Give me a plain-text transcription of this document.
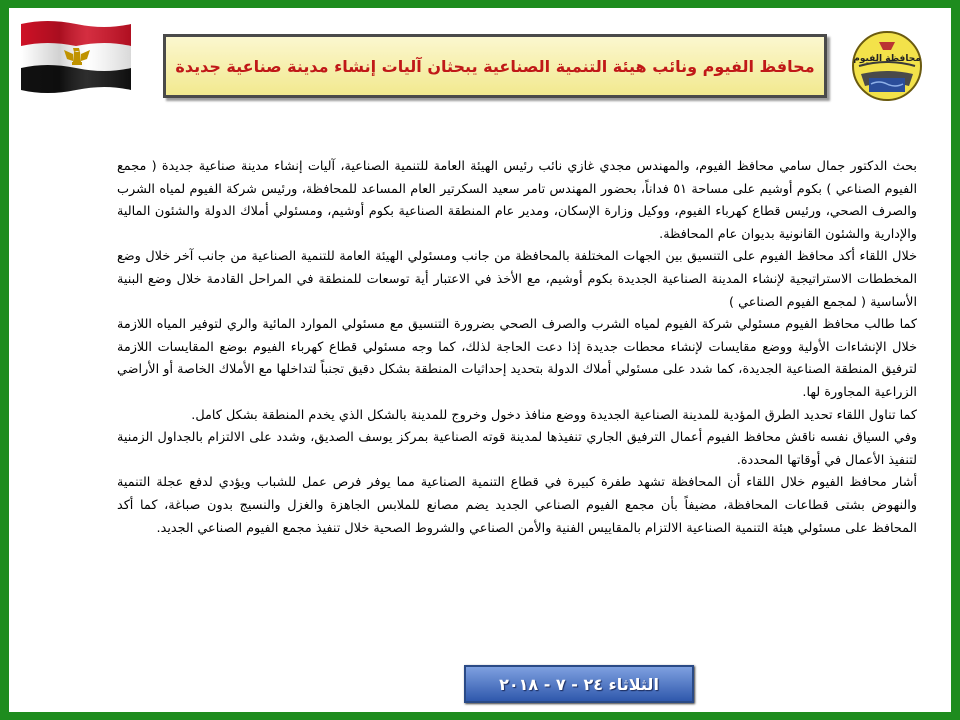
محافظ الفيوم ونائب هيئة التنمية الصناعية يبحثان آليات إنشاء مدينة صناعية جديدة	محافظة الفيوم

بحث الدكتور جمال سامي محافظ الفيوم، والمهندس مجدي غازي نائب رئيس الهيئة العامة للتنمية الصناعية، آليات إنشاء مدينة صناعية جديدة ( مجمع الفيوم الصناعي ) بكوم أوشيم على مساحة ٥١ فداناً، بحضور المهندس تامر سعيد السكرتير العام المساعد للمحافظة، ورئيس شركة الفيوم لمياه الشرب والصرف الصحي، ورئيس قطاع كهرباء الفيوم، ووكيل وزارة الإسكان، ومدير عام المنطقة الصناعية بكوم أوشيم، ومسئولي أملاك الدولة والشئون المالية والإدارية والشئون القانونية بديوان عام المحافظة.

خلال اللقاء أكد محافظ الفيوم على التنسيق بين الجهات المختلفة بالمحافظة من جانب ومسئولي الهيئة العامة للتنمية الصناعية من جانب آخر خلال وضع المخططات الاستراتيجية لإنشاء المدينة الصناعية الجديدة بكوم أوشيم، مع الأخذ في الاعتبار أية توسعات للمنطقة في المراحل القادمة خلال وضع البنية الأساسية ( لمجمع الفيوم الصناعي )

كما طالب محافظ الفيوم مسئولي شركة الفيوم لمياه الشرب والصرف الصحي بضرورة التنسيق مع مسئولي الموارد المائية والري لتوفير المياه اللازمة خلال الإنشاءات الأولية ووضع مقايسات لإنشاء محطات جديدة إذا دعت الحاجة لذلك، كما وجه مسئولي قطاع كهرباء الفيوم بوضع المقايسات اللازمة لترفيق المنطقة الصناعية الجديدة، كما شدد على مسئولي أملاك الدولة بتحديد إحداثيات المنطقة بشكل دقيق تجنباً لتداخلها مع الأملاك الخاصة أو الأراضي الزراعية المجاورة لها.

كما تناول اللقاء تحديد الطرق المؤدية للمدينة الصناعية الجديدة ووضع منافذ دخول وخروج للمدينة بالشكل الذي يخدم المنطقة بشكل كامل.

وفي السياق نفسه ناقش محافظ الفيوم أعمال الترفيق الجاري تنفيذها لمدينة قوته الصناعية بمركز يوسف الصديق، وشدد على الالتزام بالجداول الزمنية لتنفيذ الأعمال في أوقاتها المحددة.

أشار محافظ الفيوم خلال اللقاء أن المحافظة تشهد طفرة كبيرة في قطاع التنمية الصناعية مما يوفر فرص عمل للشباب ويؤدي لدفع عجلة التنمية والنهوض بشتى قطاعات المحافظة، مضيفاً بأن مجمع الفيوم الصناعي الجديد يضم مصانع للملابس الجاهزة والغزل والنسيج بدون صباغة، كما أكد المحافظ على مسئولي هيئة التنمية الصناعية الالتزام بالمقاييس الفنية والأمن الصناعي والشروط الصحية خلال تنفيذ مجمع الفيوم الصناعي الجديد.

الثلاثاء ٢٤ - ٧ - ٢٠١٨
